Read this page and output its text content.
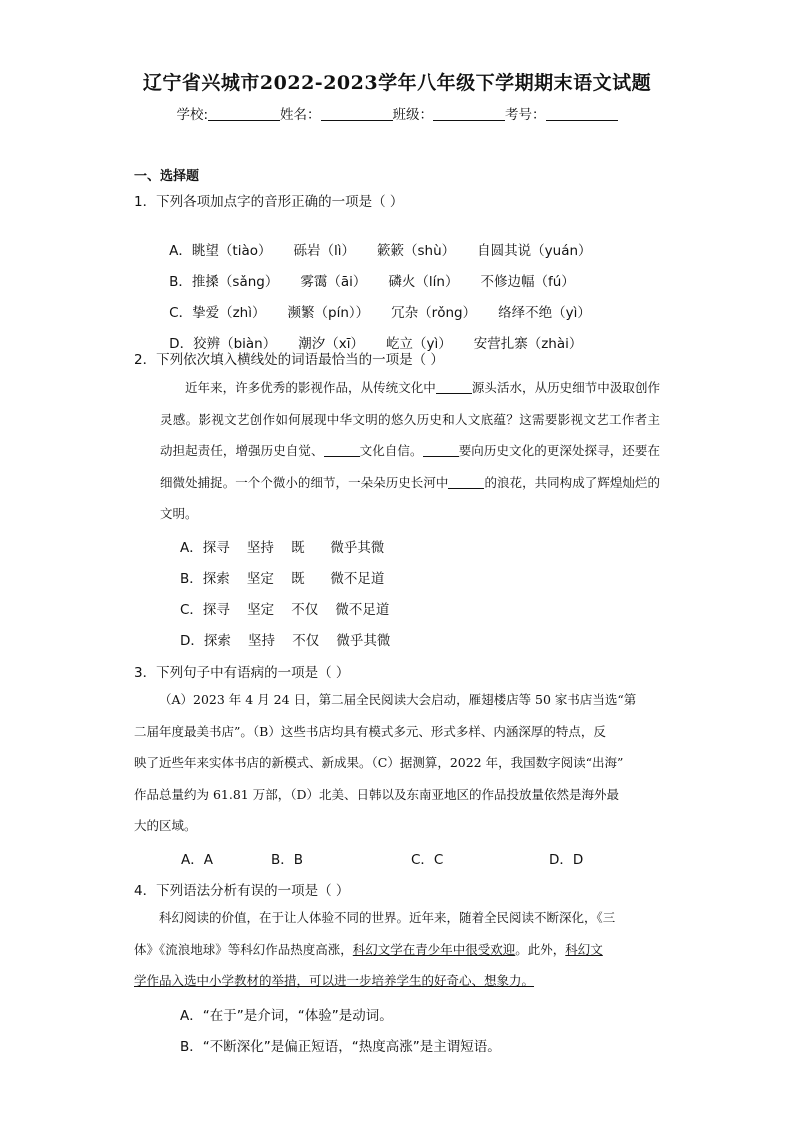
辽宁省兴城市2022-2023学年八年级下学期期末语文试题
学校:	姓名：	班级：	考号：
一、选择题
1．下列各项加点字的音形正确的一项是（ ）

A．眺望（tiào） 砾岩（lì） 簌簌（shù） 自圆其说（yuán）

B．推搡（sǎng） 雾霭（āi） 磷火（lín） 不修边幅（fú）

C．挚爱（zhì） 濒繁（pín）） 冗杂（rǒng） 络绎不绝（yì）

D．狡辨（biàn） 潮汐（xī） 屹立（yì） 安营扎寨（zhài）

2．下列依次填入横线处的词语最恰当的一项是（ ）
近年来，许多优秀的影视作品，从传统文化中	源头活水，从历史细节中汲取创作灵感。影视文艺创作如何展现中华文明的悠久历史和人文底蕴？这需要影视文艺工作者主动担起责任，增强历史自觉、	文化自信。	要向历史文化的更深处探寻，还要在细微处捕捉。一个个微小的细节，一朵朵历史长河中	的浪花，共同构成了辉煌灿烂的文明。
A．探寻    坚持    既      微乎其微
B．探索    坚定    既      微不足道
C．探寻    坚定    不仅    微不足道
D．探索    坚持    不仅    微乎其微
3．下列句子中有语病的一项是（ ）
（A）2023 年 4 月 24 日，第二届全民阅读大会启动，雁翅楼店等 50 家书店当选“第
二届年度最美书店”。（B）这些书店均具有模式多元、形式多样、内涵深厚的特点，反
映了近些年来实体书店的新模式、新成果。（C）据测算，2022 年，我国数字阅读“出海”
作品总量约为 61.81 万部，（D）北美、日韩以及东南亚地区的作品投放量依然是海外最
大的区域。
A．A	B．B	C．C	D．D
4．下列语法分析有误的一项是（ ）
科幻阅读的价值，在于让人体验不同的世界。近年来，随着全民阅读不断深化，《三
体》《流浪地球》等科幻作品热度高涨，科幻文学在青少年中很受欢迎。此外，科幻文
学作品入选中小学教材的举措，可以进一步培养学生的好奇心、想象力。
A．“在于”是介词，“体验”是动词。
B．“不断深化”是偏正短语，“热度高涨”是主谓短语。
